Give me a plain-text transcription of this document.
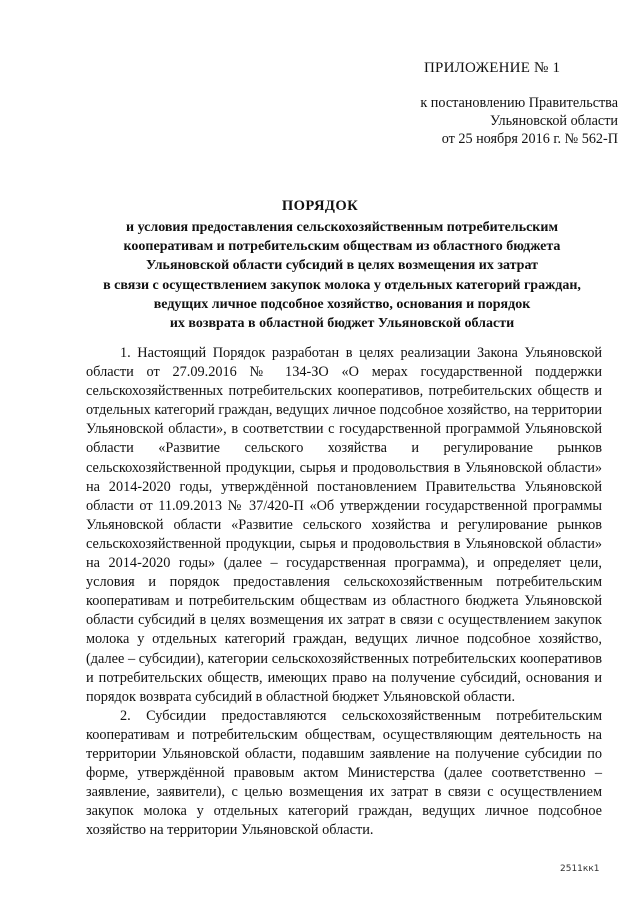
ПРИЛОЖЕНИЕ № 1
к постановлению Правительства
Ульяновской области
от 25 ноября 2016 г. № 562-П
ПОРЯДОК
и условия предоставления сельскохозяйственным потребительским
кооперативам и потребительским обществам из областного бюджета
Ульяновской области субсидий в целях возмещения их затрат
в связи с осуществлением закупок молока у отдельных категорий граждан,
ведущих личное подсобное хозяйство, основания и порядок
их возврата в областной бюджет Ульяновской области

1. Настоящий Порядок разработан в целях реализации Закона Ульяновской области от 27.09.2016 № 134-ЗО «О мерах государственной поддержки сельскохозяйственных потребительских кооперативов, потребительских обществ и отдельных категорий граждан, ведущих личное подсобное хозяйство, на территории Ульяновской области», в соответствии с государственной программой Ульяновской области «Развитие сельского хозяйства и регулирование рынков сельскохозяйственной продукции, сырья и продовольствия в Ульяновской области» на 2014-2020 годы, утверждённой постановлением Правительства Ульяновской области от 11.09.2013 № 37/420-П «Об утверждении государственной программы Ульяновской области «Развитие сельского хозяйства и регулирование рынков сельскохозяйственной продукции, сырья и продовольствия в Ульяновской области» на 2014-2020 годы» (далее – государственная программа), и определяет цели, условия и порядок предоставления сельскохозяйственным потребительским кооперативам и потребительским обществам из областного бюджета Ульяновской области субсидий в целях возмещения их затрат в связи с осуществлением закупок молока у отдельных категорий граждан, ведущих личное подсобное хозяйство, (далее – субсидии), категории сельскохозяйственных потребительских кооперативов и потребительских обществ, имеющих право на получение субсидий, основания и порядок возврата субсидий в областной бюджет Ульяновской области.

2. Субсидии предоставляются сельскохозяйственным потребительским кооперативам и потребительским обществам, осуществляющим деятельность на территории Ульяновской области, подавшим заявление на получение субсидии по форме, утверждённой правовым актом Министерства (далее соответственно – заявление, заявители), с целью возмещения их затрат в связи с осуществлением закупок молока у отдельных категорий граждан, ведущих личное подсобное хозяйство на территории Ульяновской области.

2511кк1
